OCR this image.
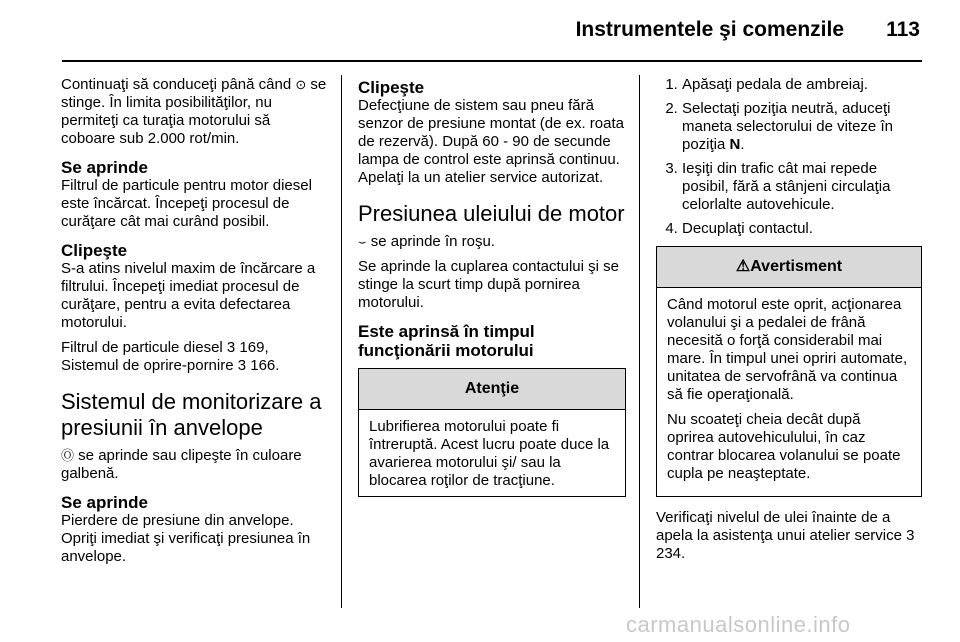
Instrumentele şi comenzile 113

Continuaţi să conduceţi până când ⊙ se stinge. În limita posibilităţilor, nu permiteţi ca turaţia motorului să coboare sub 2.000 rot/min.

Se aprinde

Filtrul de particule pentru motor diesel este încărcat. Începeţi procesul de curăţare cât mai curând posibil.

Clipeşte

S-a atins nivelul maxim de încărcare a filtrului. Începeţi imediat procesul de curăţare, pentru a evita defectarea motorului.

Filtrul de particule diesel 3 169, Sistemul de oprire-pornire 3 166.

Sistemul de monitorizare a presiunii în anvelope

Ⓞ se aprinde sau clipeşte în culoare galbenă.

Se aprinde

Pierdere de presiune din anvelope. Opriţi imediat şi verificaţi presiunea în anvelope.

Clipeşte

Defecţiune de sistem sau pneu fără senzor de presiune montat (de ex. roata de rezervă). După 60 - 90 de secunde lampa de control este aprinsă continuu. Apelaţi la un atelier service autorizat.

Presiunea uleiului de motor

⌣ se aprinde în roşu.

Se aprinde la cuplarea contactului şi se stinge la scurt timp după pornirea motorului.

Este aprinsă în timpul funcţionării motorului
Atenţie
Lubrifierea motorului poate fi întreruptă. Acest lucru poate duce la avarierea motorului şi/ sau la blocarea roţilor de tracţiune.
1. Apăsaţi pedala de ambreiaj.
2. Selectaţi poziţia neutră, aduceţi maneta selectorului de viteze în poziţia N.
3. Ieşiţi din trafic cât mai repede posibil, fără a stânjeni circulaţia celorlalte autovehicule.
4. Decuplaţi contactul.
⚠Avertisment

Când motorul este oprit, acţionarea volanului şi a pedalei de frână necesită o forţă considerabil mai mare. În timpul unei opriri automate, unitatea de servofrână va continua să fie operaţională.

Nu scoateţi cheia decât după oprirea autovehiculului, în caz contrar blocarea volanului se poate cupla pe neaşteptate.

Verificaţi nivelul de ulei înainte de a apela la asistenţa unui atelier service 3 234.

carmanualsonline.info
